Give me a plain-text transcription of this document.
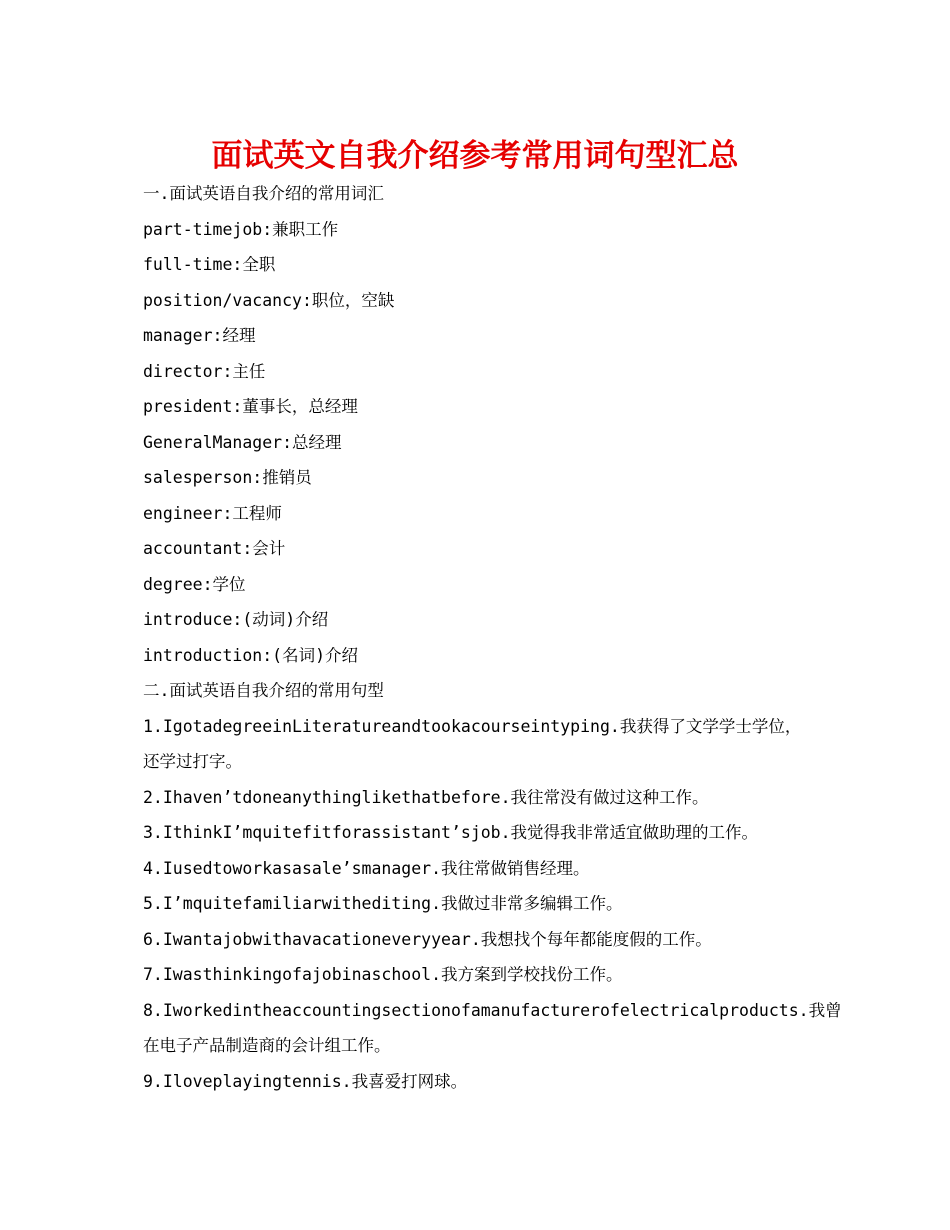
面试英文自我介绍参考常用词句型汇总

一.面试英语自我介绍的常用词汇

part-timejob:兼职工作

full-time:全职

position/vacancy:职位，空缺

manager:经理

director:主任

president:董事长，总经理

GeneralManager:总经理

salesperson:推销员

engineer:工程师

accountant:会计

degree:学位

introduce:(动词)介绍

introduction:(名词)介绍

二.面试英语自我介绍的常用句型

1.IgotadegreeinLiteratureandtookacourseintyping.我获得了文学学士学位，

还学过打字。

2.Ihaven’tdoneanythinglikethatbefore.我往常没有做过这种工作。

3.IthinkI’mquitefitforassistant’sjob.我觉得我非常适宜做助理的工作。

4.Iusedtoworkasasale’smanager.我往常做销售经理。

5.I’mquitefamiliarwithediting.我做过非常多编辑工作。

6.Iwantajobwithavacationeveryyear.我想找个每年都能度假的工作。

7.Iwasthinkingofajobinaschool.我方案到学校找份工作。

8.Iworkedintheaccountingsectionofamanufacturerofelectricalproducts.我曾

在电子产品制造商的会计组工作。

9.Iloveplayingtennis.我喜爱打网球。
